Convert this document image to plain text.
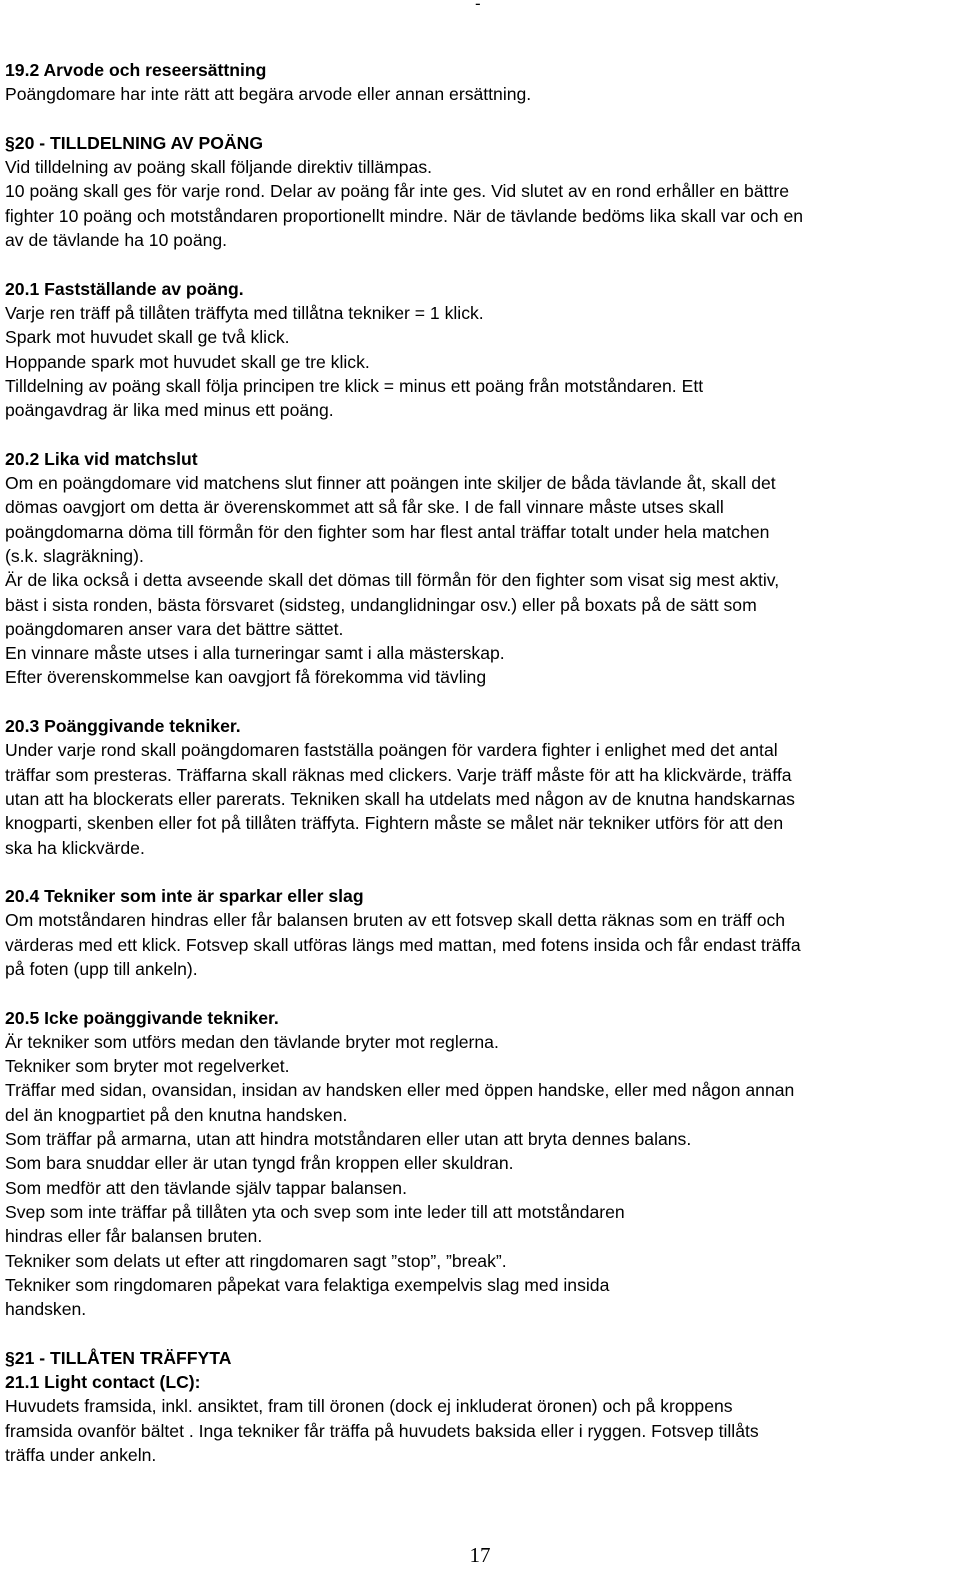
-
19.2 Arvode och reseersättning
Poängdomare har inte rätt att begära arvode eller annan ersättning.
§20 - TILLDELNING AV POÄNG
Vid tilldelning av poäng skall följande direktiv tillämpas.
10 poäng skall ges för varje rond. Delar av poäng får inte ges. Vid slutet av en rond erhåller en bättre
fighter 10 poäng och motståndaren proportionellt mindre. När de tävlande bedöms lika skall var och en
av de tävlande ha 10 poäng.
20.1 Fastställande av poäng.
Varje ren träff på tillåten träffyta med tillåtna tekniker = 1 klick.
Spark mot huvudet skall ge två klick.
Hoppande spark mot huvudet skall ge tre klick.
Tilldelning av poäng skall följa principen tre klick = minus ett poäng från motståndaren. Ett
poängavdrag är lika med minus ett poäng.
20.2 Lika vid matchslut
Om en poängdomare vid matchens slut finner att poängen inte skiljer de båda tävlande åt, skall det
dömas oavgjort om detta är överenskommet att så får ske. I de fall vinnare måste utses skall
poängdomarna döma till förmån för den fighter som har flest antal träffar totalt under hela matchen
(s.k. slagräkning).
Är de lika också i detta avseende skall det dömas till förmån för den fighter som visat sig mest aktiv,
bäst i sista ronden, bästa försvaret (sidsteg, undanglidningar osv.) eller på boxats på de sätt som
poängdomaren anser vara det bättre sättet.
En vinnare måste utses i alla turneringar samt i alla mästerskap.
Efter överenskommelse kan oavgjort få förekomma vid tävling
20.3 Poänggivande tekniker.
Under varje rond skall poängdomaren fastställa poängen för vardera fighter i enlighet med det antal
träffar som presteras. Träffarna skall räknas med clickers. Varje träff måste för att ha klickvärde, träffa
utan att ha blockerats eller parerats. Tekniken skall ha utdelats med någon av de knutna handskarnas
knogparti, skenben eller fot på tillåten träffyta. Fightern måste se målet när tekniker utförs för att den
ska ha klickvärde.
20.4 Tekniker som inte är sparkar eller slag
Om motståndaren hindras eller får balansen bruten av ett fotsvep skall detta räknas som en träff och
värderas med ett klick. Fotsvep skall utföras längs med mattan, med fotens insida och får endast träffa
på foten (upp till ankeln).
20.5 Icke poänggivande tekniker.
Är tekniker som utförs medan den tävlande bryter mot reglerna.
Tekniker som bryter mot regelverket.
Träffar med sidan, ovansidan, insidan av handsken eller med öppen handske, eller med någon annan
del än knogpartiet på den knutna handsken.
Som träffar på armarna, utan att hindra motståndaren eller utan att bryta dennes balans.
Som bara snuddar eller är utan tyngd från kroppen eller skuldran.
Som medför att den tävlande själv tappar balansen.
Svep som inte träffar på tillåten yta och svep som inte leder till att motståndaren
hindras eller får balansen bruten.
Tekniker som delats ut efter att ringdomaren sagt ”stop”, ”break”.
Tekniker som ringdomaren påpekat vara felaktiga exempelvis slag med insida
handsken.
§21 - TILLÅTEN TRÄFFYTA
21.1 Light contact (LC):
Huvudets framsida, inkl. ansiktet, fram till öronen (dock ej inkluderat öronen) och på kroppens
framsida ovanför bältet . Inga tekniker får träffa på huvudets baksida eller i ryggen. Fotsvep tillåts
träffa under ankeln.
17
